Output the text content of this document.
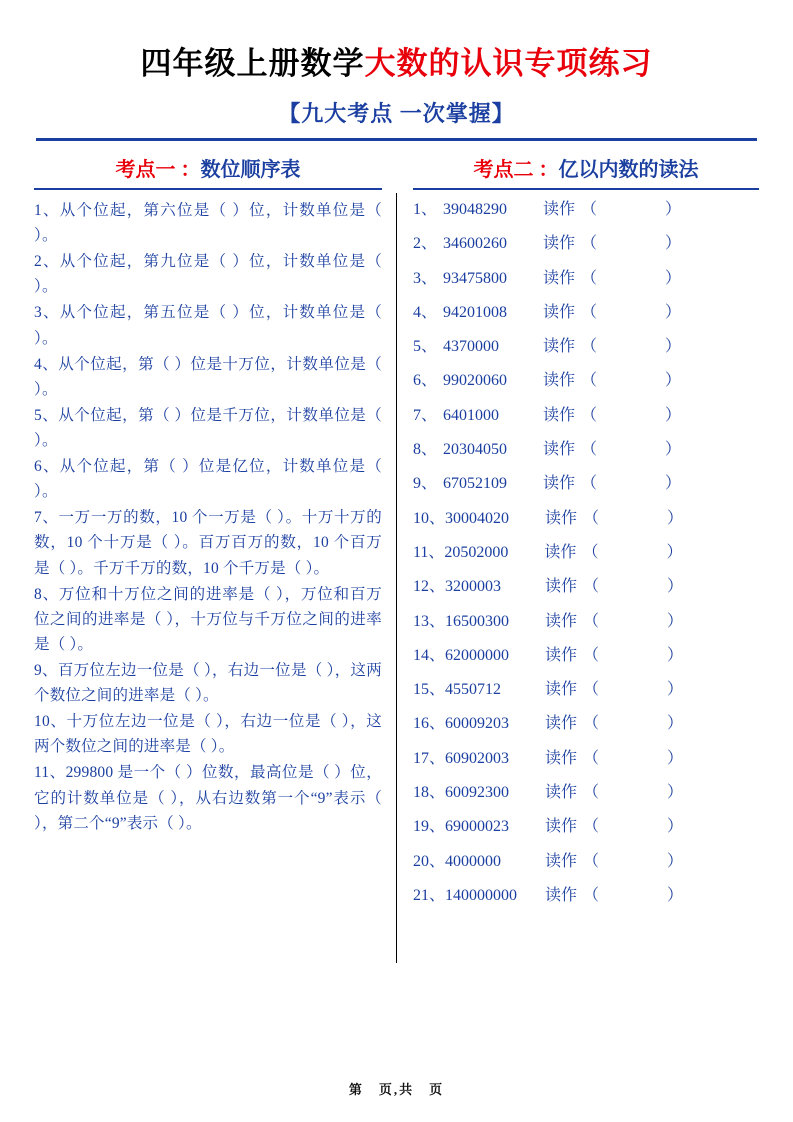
四年级上册数学大数的认识专项练习
【九大考点 一次掌握】
考点一 ：数位顺序表

1、从个位起，第六位是（ ）位，计数单位是（ ）。

2、从个位起，第九位是（ ）位，计数单位是（ ）。

3、从个位起，第五位是（ ）位，计数单位是（ ）。

4、从个位起，第（ ）位是十万位，计数单位是（ ）。

5、从个位起，第（ ）位是千万位，计数单位是（ ）。

6、从个位起，第（ ）位是亿位，计数单位是（ ）。

7、一万一万的数，10 个一万是（ ）。十万十万的数，10 个十万是（ ）。百万百万的数，10 个百万是（ ）。千万千万的数，10 个千万是（ ）。

8、万位和十万位之间的进率是（ ），万位和百万位之间的进率是（ ），十万位与千万位之间的进率是（ ）。

9、百万位左边一位是（ ），右边一位是（ ），这两个数位之间的进率是（ ）。

10、十万位左边一位是（ ），右边一位是（ ），这两个数位之间的进率是（ ）。

11、299800 是一个（ ）位数，最高位是（ ）位，它的计数单位是（ ），从右边数第一个“9”表示（ ），第二个“9”表示（ ）。

考点二 ：亿以内数的读法
1、 39048290	读作 （	）
2、 34600260	读作 （	）
3、 93475800	读作 （	）
4、 94201008	读作 （	）
5、 4370000	读作 （	）
6、 99020060	读作 （	）
7、 6401000	读作 （	）
8、 20304050	读作 （	）
9、 67052109	读作 （	）
10、 30004020	读作 （	）
11、 20502000	读作 （	）
12、 3200003	读作 （	）
13、 16500300	读作 （	）
14、 62000000	读作 （	）
15、 4550712	读作 （	）
16、 60009203	读作 （	）
17、 60902003	读作 （	）
18、 60092300	读作 （	）
19、 69000023	读作 （	）
20、 4000000	读作 （	）
21、 140000000	读作 （	）
第　页,共　页
